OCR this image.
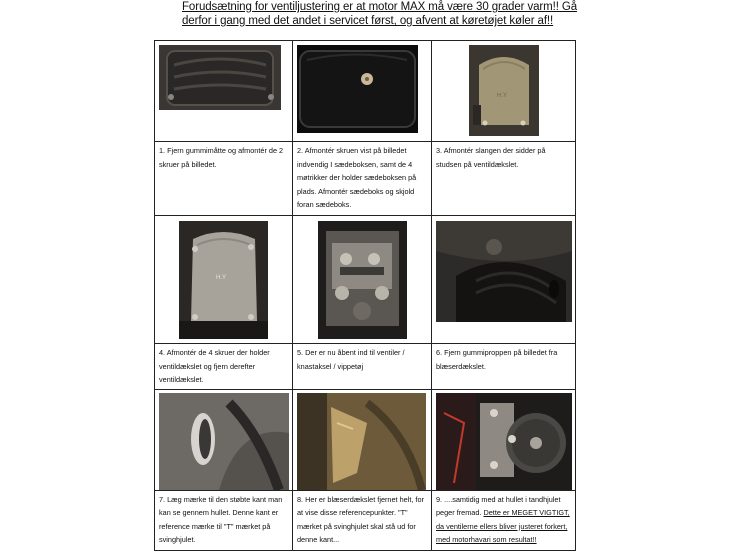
Forudsætning for ventiljustering er at motor MAX må være 30 grader varm!! Gå
derfor i gang med det andet i servicet først, og afvent at køretøjet køler af!!

H.Y

1. Fjern gummimåtte og afmontér de 2 skruer på billedet.	2. Afmontér skruen vist på billedet indvendig I sædeboksen, samt de 4 møtrikker der holder sædeboksen på plads. Afmontér sædeboks og skjold foran sædeboks.	3. Afmontér slangen der sidder på studsen på ventildækslet.

H.Y

4. Afmontér de 4 skruer der holder ventildækslet og fjern derefter ventildækslet.	5. Der er nu åbent ind til ventiler / knastaksel / vippetøj	6. Fjern gummiproppen på billedet fra blæserdækslet.

7. Læg mærke til den støbte kant man kan se gennem hullet. Denne kant er reference mærke til "T" mærket på svinghjulet.	8. Her er blæserdækslet fjernet helt, for at vise disse referencepunkter. "T" mærket på svinghjulet skal stå ud for denne kant...	9. ....samtidig med at hullet i tandhjulet peger fremad. Dette er MEGET VIGTIGT, da ventilerne ellers bliver justeret forkert, med motorhavari som resultat!!
